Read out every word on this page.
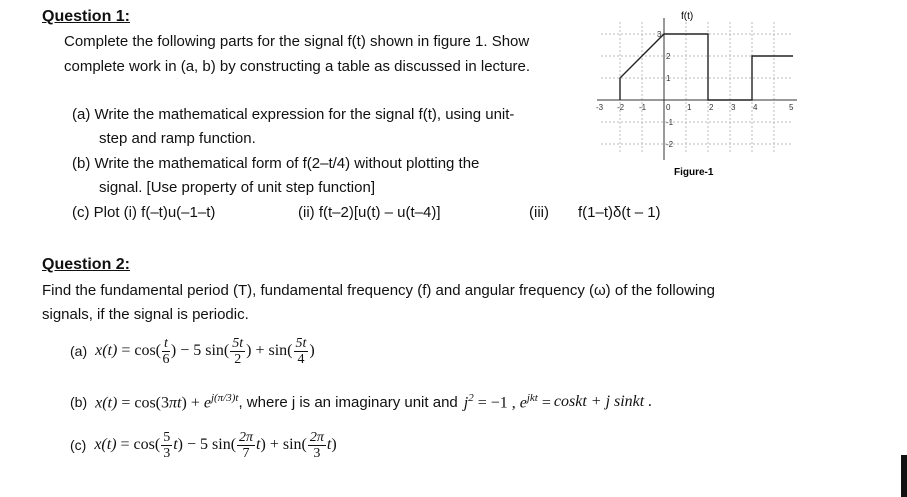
Question 1:
Complete the following parts for the signal f(t) shown in figure 1. Show
complete work in (a, b) by constructing a table as discussed in lecture.
(a) Write the mathematical expression for the signal f(t), using unit-
step and ramp function.
(b) Write the mathematical form of f(2–t/4) without plotting the
signal. [Use property of unit step function]
(c) Plot (i) f(–t)u(–1–t)	(ii) f(t–2)[u(t) – u(t–4)]	(iii) f(1–t)δ(t – 1)
f(t)
-3 -2 -1 0 1 2 3 4	5
-2
-1
1
2
3
Figure-1
Question 2:
Find the fundamental period (T), fundamental frequency (f) and angular frequency (ω) of the following
signals, if the signal is periodic.
(a) $x(t) = \cos( \frac{t}{6}$ ) − 5 $\sin( \frac{5t}{2}$ ) + $\sin( \frac{5t}{4}$ )
(b) $x(t) = \cos(3\pi t) + e^{j(\pi/3)t}$ , where j is an imaginary unit and $j^2 = -1$ , $e^{jkt}$ = coskt + j sinkt .
(c) $x(t) = \cos( \frac{5}{3} t) - 5$ $\sin( \frac{2\pi}{7} t) + \sin( \frac{2\pi}{3} t)$
